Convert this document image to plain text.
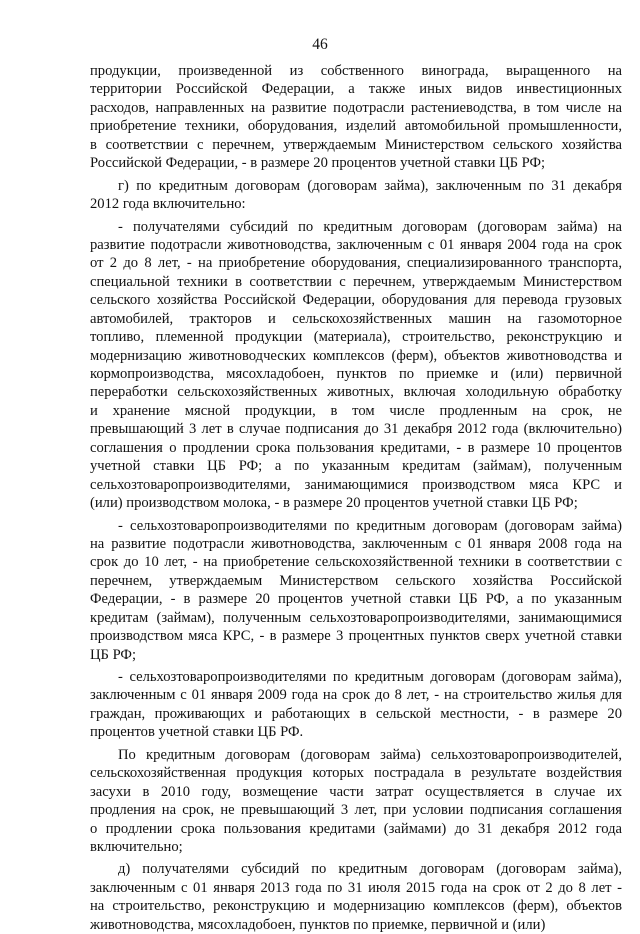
46
продукции, произведенной из собственного винограда, выращенного на
территории Российской Федерации, а также иных видов инвестиционных
расходов, направленных на развитие подотрасли растениеводства, в том числе на
приобретение техники, оборудования, изделий автомобильной промышленности,
в соответствии с перечнем, утверждаемым Министерством сельского хозяйства
Российской Федерации, - в размере 20 процентов учетной ставки ЦБ РФ;
г) по кредитным договорам (договорам займа), заключенным по 31 декабря
2012 года включительно:
- получателями субсидий по кредитным договорам (договорам займа) на
развитие подотрасли животноводства, заключенным с 01 января 2004 года на срок
от 2 до 8 лет, - на приобретение оборудования, специализированного транспорта,
специальной техники в соответствии с перечнем, утверждаемым Министерством
сельского хозяйства Российской Федерации, оборудования для перевода грузовых
автомобилей, тракторов и сельскохозяйственных машин на газомоторное
топливо, племенной продукции (материала), строительство, реконструкцию и
модернизацию животноводческих комплексов (ферм), объектов животноводства и
кормопроизводства, мясохладобоен, пунктов по приемке и (или) первичной
переработки сельскохозяйственных животных, включая холодильную обработку
и хранение мясной продукции, в том числе продленным на срок, не
превышающий 3 лет в случае подписания до 31 декабря 2012 года (включительно)
соглашения о продлении срока пользования кредитами, - в размере 10 процентов
учетной ставки ЦБ РФ; а по указанным кредитам (займам), полученным
сельхозтоваропроизводителями, занимающимися производством мяса КРС и
(или) производством молока, - в размере 20 процентов учетной ставки ЦБ РФ;
- сельхозтоваропроизводителями по кредитным договорам (договорам займа)
на развитие подотрасли животноводства, заключенным с 01 января 2008 года на
срок до 10 лет, - на приобретение сельскохозяйственной техники в соответствии с
перечнем, утверждаемым Министерством сельского хозяйства Российской
Федерации, - в размере 20 процентов учетной ставки ЦБ РФ, а по указанным
кредитам (займам), полученным сельхозтоваропроизводителями, занимающимися
производством мяса КРС, - в размере 3 процентных пунктов сверх учетной ставки
ЦБ РФ;
- сельхозтоваропроизводителями по кредитным договорам (договорам займа),
заключенным с 01 января 2009 года на срок до 8 лет, - на строительство жилья для
граждан, проживающих и работающих в сельской местности, - в размере 20
процентов учетной ставки ЦБ РФ.
По кредитным договорам (договорам займа) сельхозтоваропроизводителей,
сельскохозяйственная продукция которых пострадала в результате воздействия
засухи в 2010 году, возмещение части затрат осуществляется в случае их
продления на срок, не превышающий 3 лет, при условии подписания соглашения
о продлении срока пользования кредитами (займами) до 31 декабря 2012 года
включительно;
д) получателями субсидий по кредитным договорам (договорам займа),
заключенным с 01 января 2013 года по 31 июля 2015 года на срок от 2 до 8 лет -
на строительство, реконструкцию и модернизацию комплексов (ферм), объектов
животноводства, мясохладобоен, пунктов по приемке, первичной и (или)
